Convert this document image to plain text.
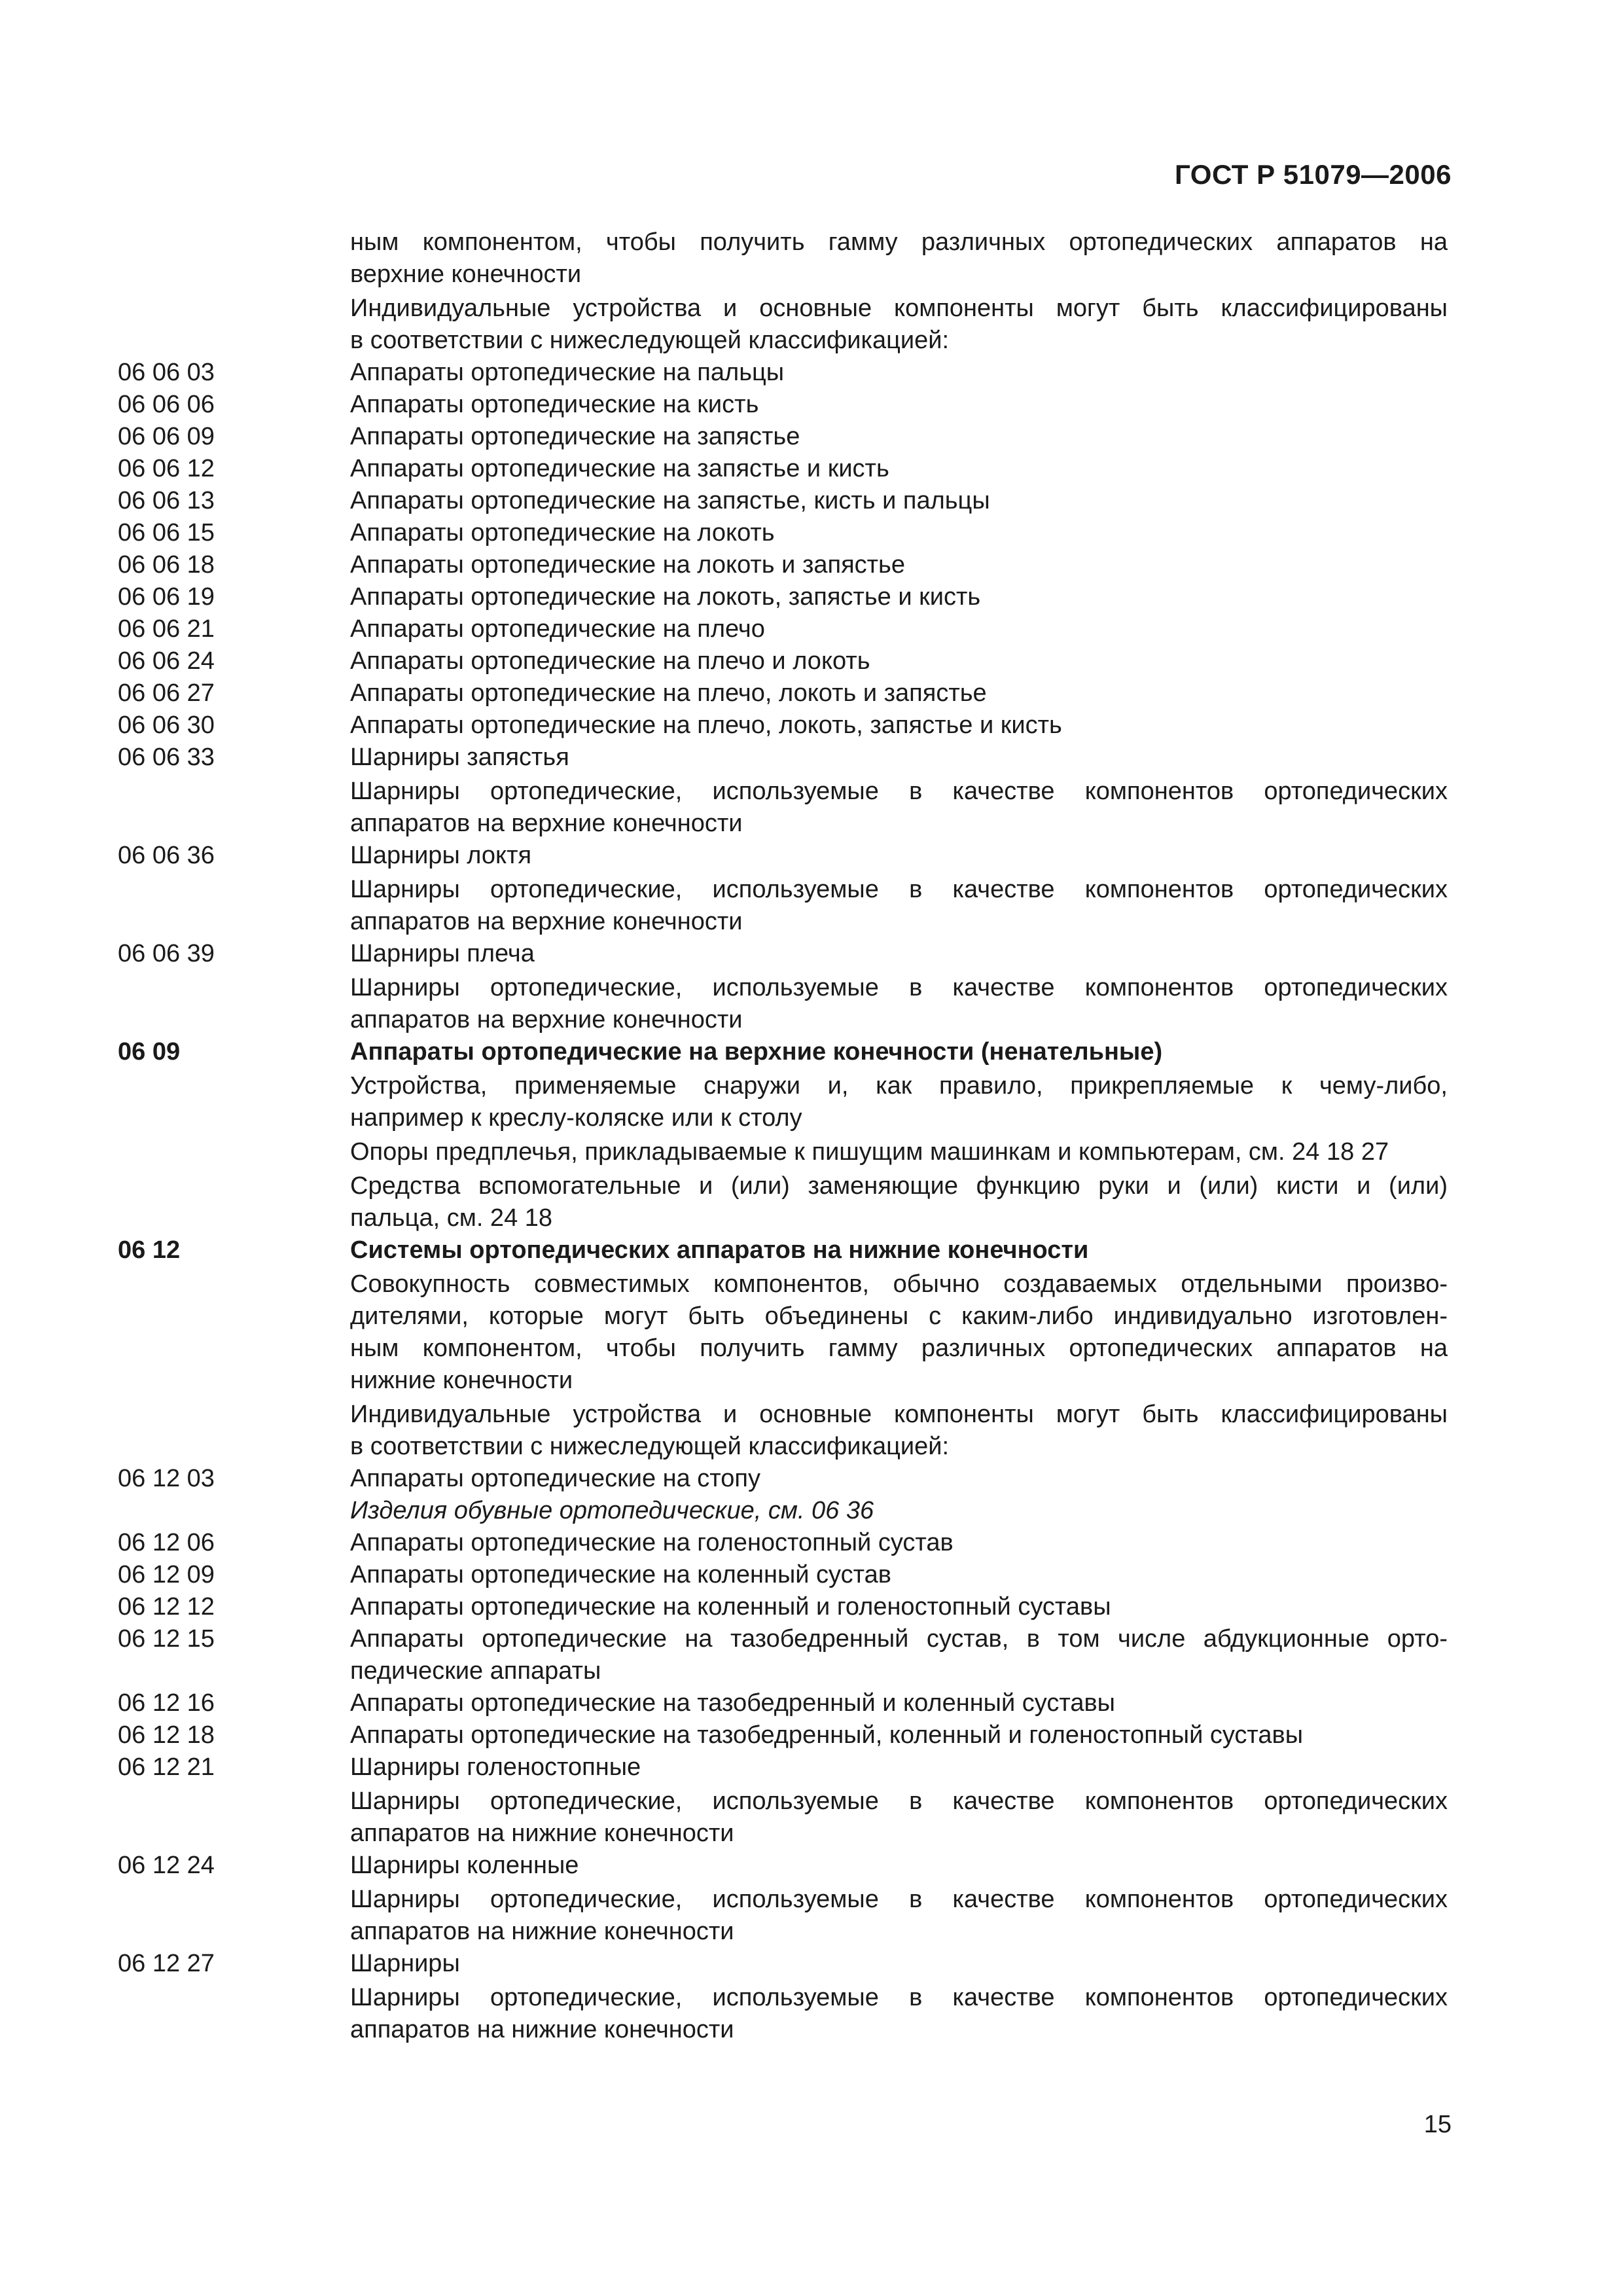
ГОСТ Р 51079—2006
ным компонентом, чтобы получить гамму различных ортопедических аппаратов на
верхние конечности
Индивидуальные устройства и основные компоненты могут быть классифицированы
в соответствии с нижеследующей классификацией:
06 06 03	Аппараты ортопедические на пальцы
06 06 06	Аппараты ортопедические на кисть
06 06 09	Аппараты ортопедические на запястье
06 06 12	Аппараты ортопедические на запястье и кисть
06 06 13	Аппараты ортопедические на запястье, кисть и пальцы
06 06 15	Аппараты ортопедические на локоть
06 06 18	Аппараты ортопедические на локоть и запястье
06 06 19	Аппараты ортопедические на локоть, запястье и кисть
06 06 21	Аппараты ортопедические на плечо
06 06 24	Аппараты ортопедические на плечо и локоть
06 06 27	Аппараты ортопедические на плечо, локоть и запястье
06 06 30	Аппараты ортопедические на плечо, локоть, запястье и кисть
06 06 33	Шарниры запястья
Шарниры ортопедические, используемые в качестве компонентов ортопедических
аппаратов на верхние конечности
06 06 36	Шарниры локтя
Шарниры ортопедические, используемые в качестве компонентов ортопедических
аппаратов на верхние конечности
06 06 39	Шарниры плеча
Шарниры ортопедические, используемые в качестве компонентов ортопедических
аппаратов на верхние конечности
06 09	Аппараты ортопедические на верхние конечности (ненательные)
Устройства, применяемые снаружи и, как правило, прикрепляемые к чему-либо,
например к креслу-коляске или к столу
Опоры предплечья, прикладываемые к пишущим машинкам и компьютерам, см. 24 18 27
Средства вспомогательные и (или) заменяющие функцию руки и (или) кисти и (или)
пальца, см. 24 18
06 12	Системы ортопедических аппаратов на нижние конечности
Совокупность совместимых компонентов, обычно создаваемых отдельными произво-
дителями, которые могут быть объединены с каким-либо индивидуально изготовлен-
ным компонентом, чтобы получить гамму различных ортопедических аппаратов на
нижние конечности
Индивидуальные устройства и основные компоненты могут быть классифицированы
в соответствии с нижеследующей классификацией:
06 12 03	Аппараты ортопедические на стопу
Изделия обувные ортопедические, см. 06 36
06 12 06	Аппараты ортопедические на голеностопный сустав
06 12 09	Аппараты ортопедические на коленный сустав
06 12 12	Аппараты ортопедические на коленный и голеностопный суставы
06 12 15	Аппараты ортопедические на тазобедренный сустав, в том числе абдукционные орто-
педические аппараты
06 12 16	Аппараты ортопедические на тазобедренный и коленный суставы
06 12 18	Аппараты ортопедические на тазобедренный, коленный и голеностопный суставы
06 12 21	Шарниры голеностопные
Шарниры ортопедические, используемые в качестве компонентов ортопедических
аппаратов на нижние конечности
06 12 24	Шарниры коленные
Шарниры ортопедические, используемые в качестве компонентов ортопедических
аппаратов на нижние конечности
06 12 27	Шарниры
Шарниры ортопедические, используемые в качестве компонентов ортопедических
аппаратов на нижние конечности
15
